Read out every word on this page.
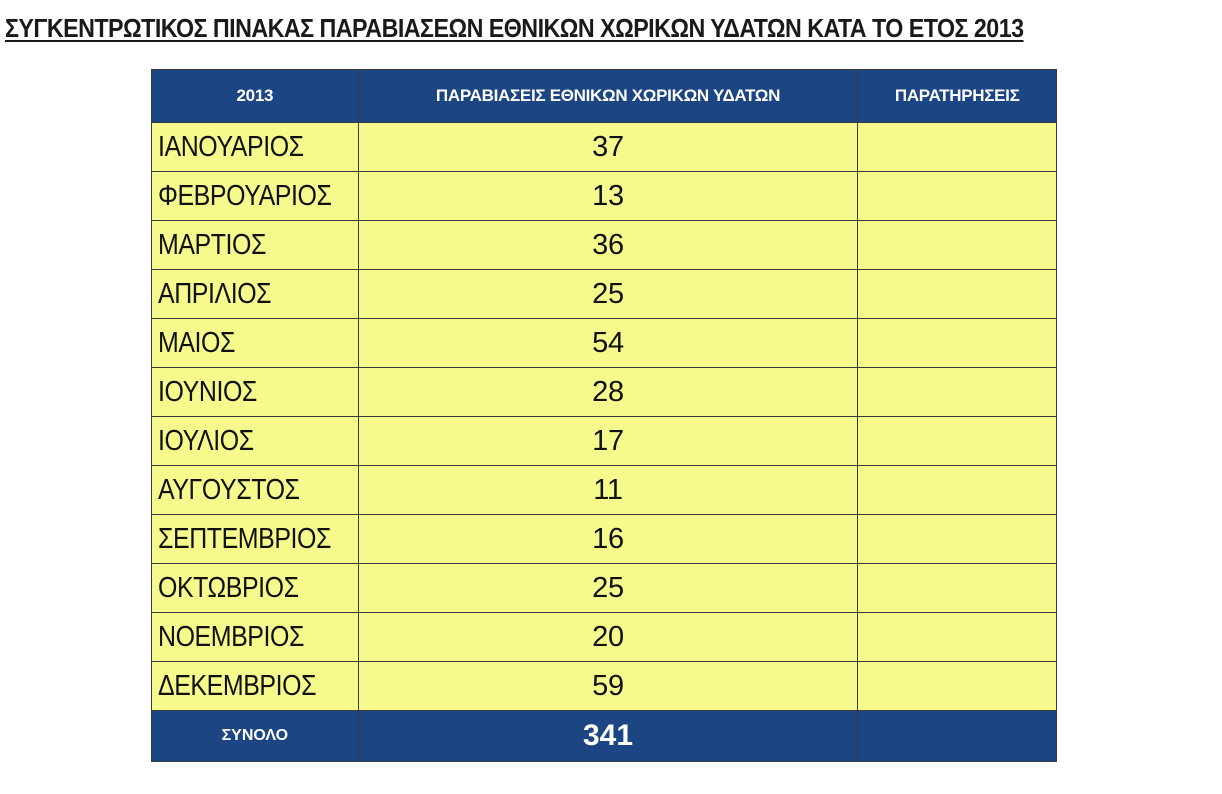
ΣΥΓΚΕΝΤΡΩΤΙΚΟΣ ΠΙΝΑΚΑΣ ΠΑΡΑΒΙΑΣΕΩΝ ΕΘΝΙΚΩΝ ΧΩΡΙΚΩΝ ΥΔΑΤΩΝ ΚΑΤΑ ΤΟ ΕΤΟΣ 2013
2013	ΠΑΡΑΒΙΑΣΕΙΣ ΕΘΝΙΚΩΝ ΧΩΡΙΚΩΝ ΥΔΑΤΩΝ	ΠΑΡΑΤΗΡΗΣΕΙΣ
ΙΑΝΟΥΑΡΙΟΣ	37	
ΦΕΒΡΟΥΑΡΙΟΣ	13	
ΜΑΡΤΙΟΣ	36	
ΑΠΡΙΛΙΟΣ	25	
ΜΑΙΟΣ	54	
ΙΟΥΝΙΟΣ	28	
ΙΟΥΛΙΟΣ	17	
ΑΥΓΟΥΣΤΟΣ	11	
ΣΕΠΤΕΜΒΡΙΟΣ	16	
ΟΚΤΩΒΡΙΟΣ	25	
ΝΟΕΜΒΡΙΟΣ	20	
ΔΕΚΕΜΒΡΙΟΣ	59	
ΣΥΝΟΛΟ	341	
